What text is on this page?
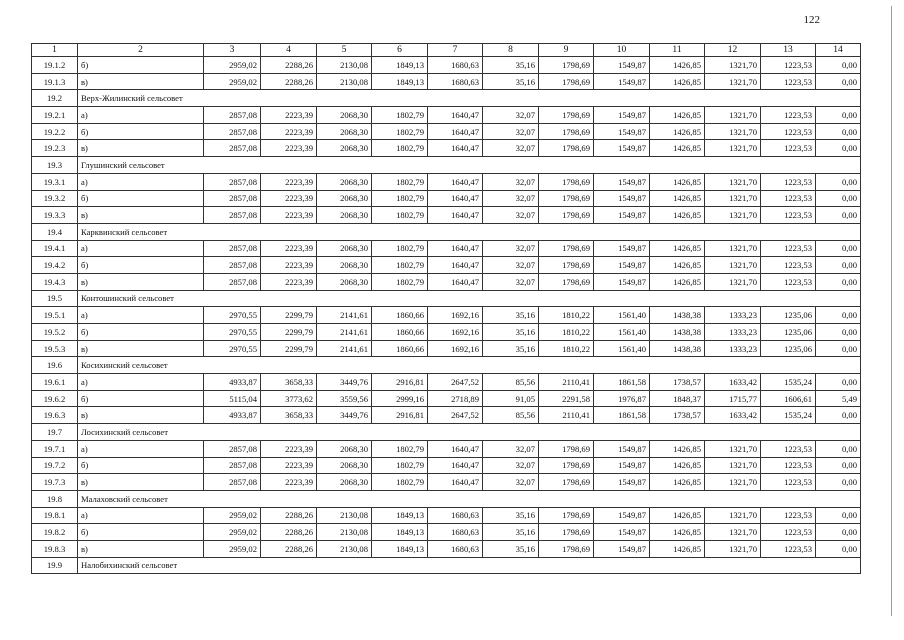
122
1	2	3	4	5	6	7	8	9	10	11	12	13	14
19.1.2	б)	2959,02	2288,26	2130,08	1849,13	1680,63	35,16	1798,69	1549,87	1426,85	1321,70	1223,53	0,00
19.1.3	в)	2959,02	2288,26	2130,08	1849,13	1680,63	35,16	1798,69	1549,87	1426,85	1321,70	1223,53	0,00
19.2	Верх-Жилинский сельсовет												
19.2.1	а)	2857,08	2223,39	2068,30	1802,79	1640,47	32,07	1798,69	1549,87	1426,85	1321,70	1223,53	0,00
19.2.2	б)	2857,08	2223,39	2068,30	1802,79	1640,47	32,07	1798,69	1549,87	1426,85	1321,70	1223,53	0,00
19.2.3	в)	2857,08	2223,39	2068,30	1802,79	1640,47	32,07	1798,69	1549,87	1426,85	1321,70	1223,53	0,00
19.3	Глушинский сельсовет												
19.3.1	а)	2857,08	2223,39	2068,30	1802,79	1640,47	32,07	1798,69	1549,87	1426,85	1321,70	1223,53	0,00
19.3.2	б)	2857,08	2223,39	2068,30	1802,79	1640,47	32,07	1798,69	1549,87	1426,85	1321,70	1223,53	0,00
19.3.3	в)	2857,08	2223,39	2068,30	1802,79	1640,47	32,07	1798,69	1549,87	1426,85	1321,70	1223,53	0,00
19.4	Карквинский сельсовет												
19.4.1	а)	2857,08	2223,39	2068,30	1802,79	1640,47	32,07	1798,69	1549,87	1426,85	1321,70	1223,53	0,00
19.4.2	б)	2857,08	2223,39	2068,30	1802,79	1640,47	32,07	1798,69	1549,87	1426,85	1321,70	1223,53	0,00
19.4.3	в)	2857,08	2223,39	2068,30	1802,79	1640,47	32,07	1798,69	1549,87	1426,85	1321,70	1223,53	0,00
19.5	Контошинский сельсовет												
19.5.1	а)	2970,55	2299,79	2141,61	1860,66	1692,16	35,16	1810,22	1561,40	1438,38	1333,23	1235,06	0,00
19.5.2	б)	2970,55	2299,79	2141,61	1860,66	1692,16	35,16	1810,22	1561,40	1438,38	1333,23	1235,06	0,00
19.5.3	в)	2970,55	2299,79	2141,61	1860,66	1692,16	35,16	1810,22	1561,40	1438,38	1333,23	1235,06	0,00
19.6	Косихинский сельсовет												
19.6.1	а)	4933,87	3658,33	3449,76	2916,81	2647,52	85,56	2110,41	1861,58	1738,57	1633,42	1535,24	0,00
19.6.2	б)	5115,04	3773,62	3559,56	2999,16	2718,89	91,05	2291,58	1976,87	1848,37	1715,77	1606,61	5,49
19.6.3	в)	4933,87	3658,33	3449,76	2916,81	2647,52	85,56	2110,41	1861,58	1738,57	1633,42	1535,24	0,00
19.7	Лосихинский сельсовет												
19.7.1	а)	2857,08	2223,39	2068,30	1802,79	1640,47	32,07	1798,69	1549,87	1426,85	1321,70	1223,53	0,00
19.7.2	б)	2857,08	2223,39	2068,30	1802,79	1640,47	32,07	1798,69	1549,87	1426,85	1321,70	1223,53	0,00
19.7.3	в)	2857,08	2223,39	2068,30	1802,79	1640,47	32,07	1798,69	1549,87	1426,85	1321,70	1223,53	0,00
19.8	Малаховский сельсовет												
19.8.1	а)	2959,02	2288,26	2130,08	1849,13	1680,63	35,16	1798,69	1549,87	1426,85	1321,70	1223,53	0,00
19.8.2	б)	2959,02	2288,26	2130,08	1849,13	1680,63	35,16	1798,69	1549,87	1426,85	1321,70	1223,53	0,00
19.8.3	в)	2959,02	2288,26	2130,08	1849,13	1680,63	35,16	1798,69	1549,87	1426,85	1321,70	1223,53	0,00
19.9	Налобихинский сельсовет												
